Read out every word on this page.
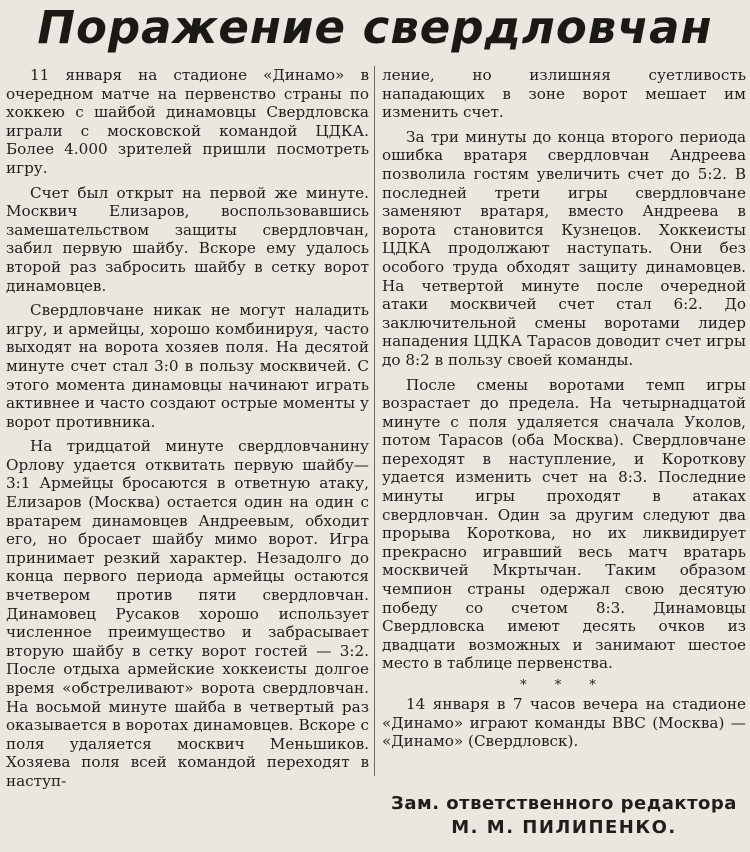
Поражение свердловчан

11 января на стадионе «Динамо» в очередном матче на первенство страны по хоккею с шайбой динамовцы Свердловска играли с московской командой ЦДКА. Более 4.000 зрителей пришли посмотреть игру.

Счет был открыт на первой же минуте. Москвич Елизаров, воспользовавшись замешательством защиты свердловчан, забил первую шайбу. Вскоре ему удалось второй раз забросить шайбу в сетку ворот динамовцев.

Свердловчане никак не могут наладить игру, и армейцы, хорошо комбинируя, часто выходят на ворота хозяев поля. На десятой минуте счет стал 3:0 в пользу москвичей. С этого момента динамовцы начинают играть активнее и часто создают острые моменты у ворот противника.

На тридцатой минуте свердловчанину Орлову удается отквитать первую шайбу—3:1 Армейцы бросаются в ответную атаку, Елизаров (Москва) остается один на один с вратарем динамовцев Андреевым, обходит его, но бросает шайбу мимо ворот. Игра принимает резкий характер. Незадолго до конца первого периода армейцы остаются вчетвером против пяти свердловчан. Динамовец Русаков хорошо использует численное преимущество и забрасывает вторую шайбу в сетку ворот гостей — 3:2. После отдыха армейские хоккеисты долгое время «обстреливают» ворота свердловчан. На восьмой минуте шайба в четвертый раз оказывается в воротах динамовцев. Вскоре с поля удаляется москвич Меньшиков. Хозяева поля всей командой переходят в наступ-

ление, но излишняя суетливость нападающих в зоне ворот мешает им изменить счет.

За три минуты до конца второго периода ошибка вратаря свердловчан Андреева позволила гостям увеличить счет до 5:2. В последней трети игры свердловчане заменяют вратаря, вместо Андреева в ворота становится Кузнецов. Хоккеисты ЦДКА продолжают наступать. Они без особого труда обходят защиту динамовцев. На четвертой минуте после очередной атаки москвичей счет стал 6:2. До заключительной смены воротами лидер нападения ЦДКА Тарасов доводит счет игры до 8:2 в пользу своей команды.

После смены воротами темп игры возрастает до предела. На четырнадцатой минуте с поля удаляется сначала Уколов, потом Тарасов (оба Москва). Свердловчане переходят в наступление, и Короткову удается изменить счет на 8:3. Последние минуты игры проходят в атаках свердловчан. Один за другим следуют два прорыва Короткова, но их ликвидирует прекрасно игравший весь матч вратарь москвичей Мкртычан. Таким образом чемпион страны одержал свою десятую победу со счетом 8:3. Динамовцы Свердловска имеют десять очков из двадцати возможных и занимают шестое место в таблице первенства.

* * *

14 января в 7 часов вечера на стадионе «Динамо» играют команды ВВС (Москва) — «Динамо» (Свердловск).

Зам. ответственного редактора
М. М. ПИЛИПЕНКО.
